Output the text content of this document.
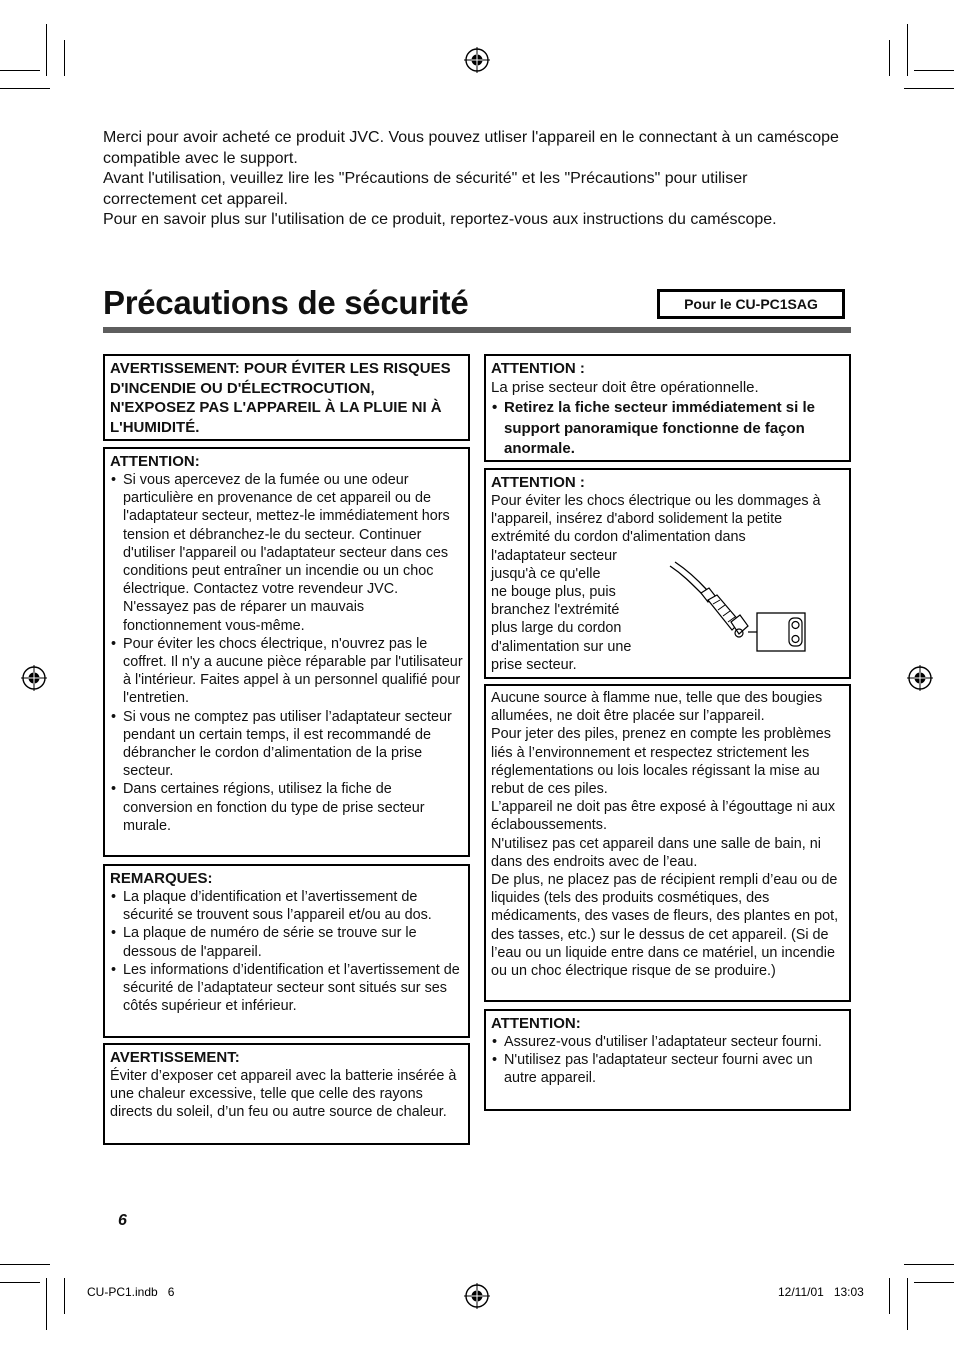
Merci pour avoir acheté ce produit JVC. Vous pouvez utliser l'appareil en le connectant à un caméscope compatible avec le support.

Avant l'utilisation, veuillez lire les "Précautions de sécurité" et les "Précautions" pour utiliser correctement cet appareil.

Pour en savoir plus sur l'utilisation de ce produit, reportez-vous aux instructions du caméscope.

Précautions de sécurité	Pour le CU-PC1SAG

AVERTISSEMENT: POUR ÉVITER LES RISQUES D'INCENDIE OU D'ÉLECTROCUTION, N'EXPOSEZ PAS L'APPAREIL À LA PLUIE NI À L'HUMIDITÉ.

ATTENTION:
• Si vous apercevez de la fumée ou une odeur particulière en provenance de cet appareil ou de l'adaptateur secteur, mettez-le immédiatement hors tension et débranchez-le du secteur. Continuer d'utiliser l'appareil ou l'adaptateur secteur dans ces conditions peut entraîner un incendie ou un choc électrique. Contactez votre revendeur JVC.
N'essayez pas de réparer un mauvais fonctionnement vous-même.
• Pour éviter les chocs électrique, n'ouvrez pas le coffret. Il n'y a aucune pièce réparable par l'utilisateur à l'intérieur. Faites appel à un personnel qualifié pour l'entretien.
• Si vous ne comptez pas utiliser l’adaptateur secteur pendant un certain temps, il est recommandé de débrancher le cordon d’alimentation de la prise secteur.
• Dans certaines régions, utilisez la fiche de conversion en fonction du type de prise secteur murale.
REMARQUES:
• La plaque d’identification et l’avertissement de sécurité se trouvent sous l’appareil et/ou au dos.
• La plaque de numéro de série se trouve sur le dessous de l'appareil.
• Les informations d’identification et l’avertissement de sécurité de l’adaptateur secteur sont situés sur ses côtés supérieur et inférieur.
AVERTISSEMENT:

Éviter d’exposer cet appareil avec la batterie insérée à une chaleur excessive, telle que celle des rayons directs du soleil, d’un feu ou autre source de chaleur.

ATTENTION :

La prise secteur doit être opérationnelle.

• Retirez la fiche secteur immédiatement si le support panoramique fonctionne de façon anormale.
ATTENTION :

Pour éviter les chocs électrique ou les dommages à l'appareil, insérez d'abord solidement la petite extrémité du cordon d'alimentation dans

l'adaptateur secteur
jusqu'à ce qu'elle
ne bouge plus, puis
branchez l'extrémité
plus large du cordon
d'alimentation sur une
prise secteur.

Aucune source à flamme nue, telle que des bougies allumées, ne doit être placée sur l’appareil.
Pour jeter des piles, prenez en compte les problèmes liés à l’environnement et respectez strictement les réglementations ou lois locales régissant la mise au rebut de ces piles.
L’appareil ne doit pas être exposé à l’égouttage ni aux éclaboussements.
N'utilisez pas cet appareil dans une salle de bain, ni dans des endroits avec de l’eau.
De plus, ne placez pas de récipient rempli d’eau ou de liquides (tels des produits cosmétiques, des médicaments, des vases de fleurs, des plantes en pot, des tasses, etc.) sur le dessus de cet appareil. (Si de l’eau ou un liquide entre dans ce matériel, un incendie ou un choc électrique risque de se produire.)

ATTENTION:
• Assurez-vous d'utiliser l’adaptateur secteur fourni.
• N'utilisez pas l'adaptateur secteur fourni avec un autre appareil.
6
CU-PC1.indb   6	12/11/01   13:03
